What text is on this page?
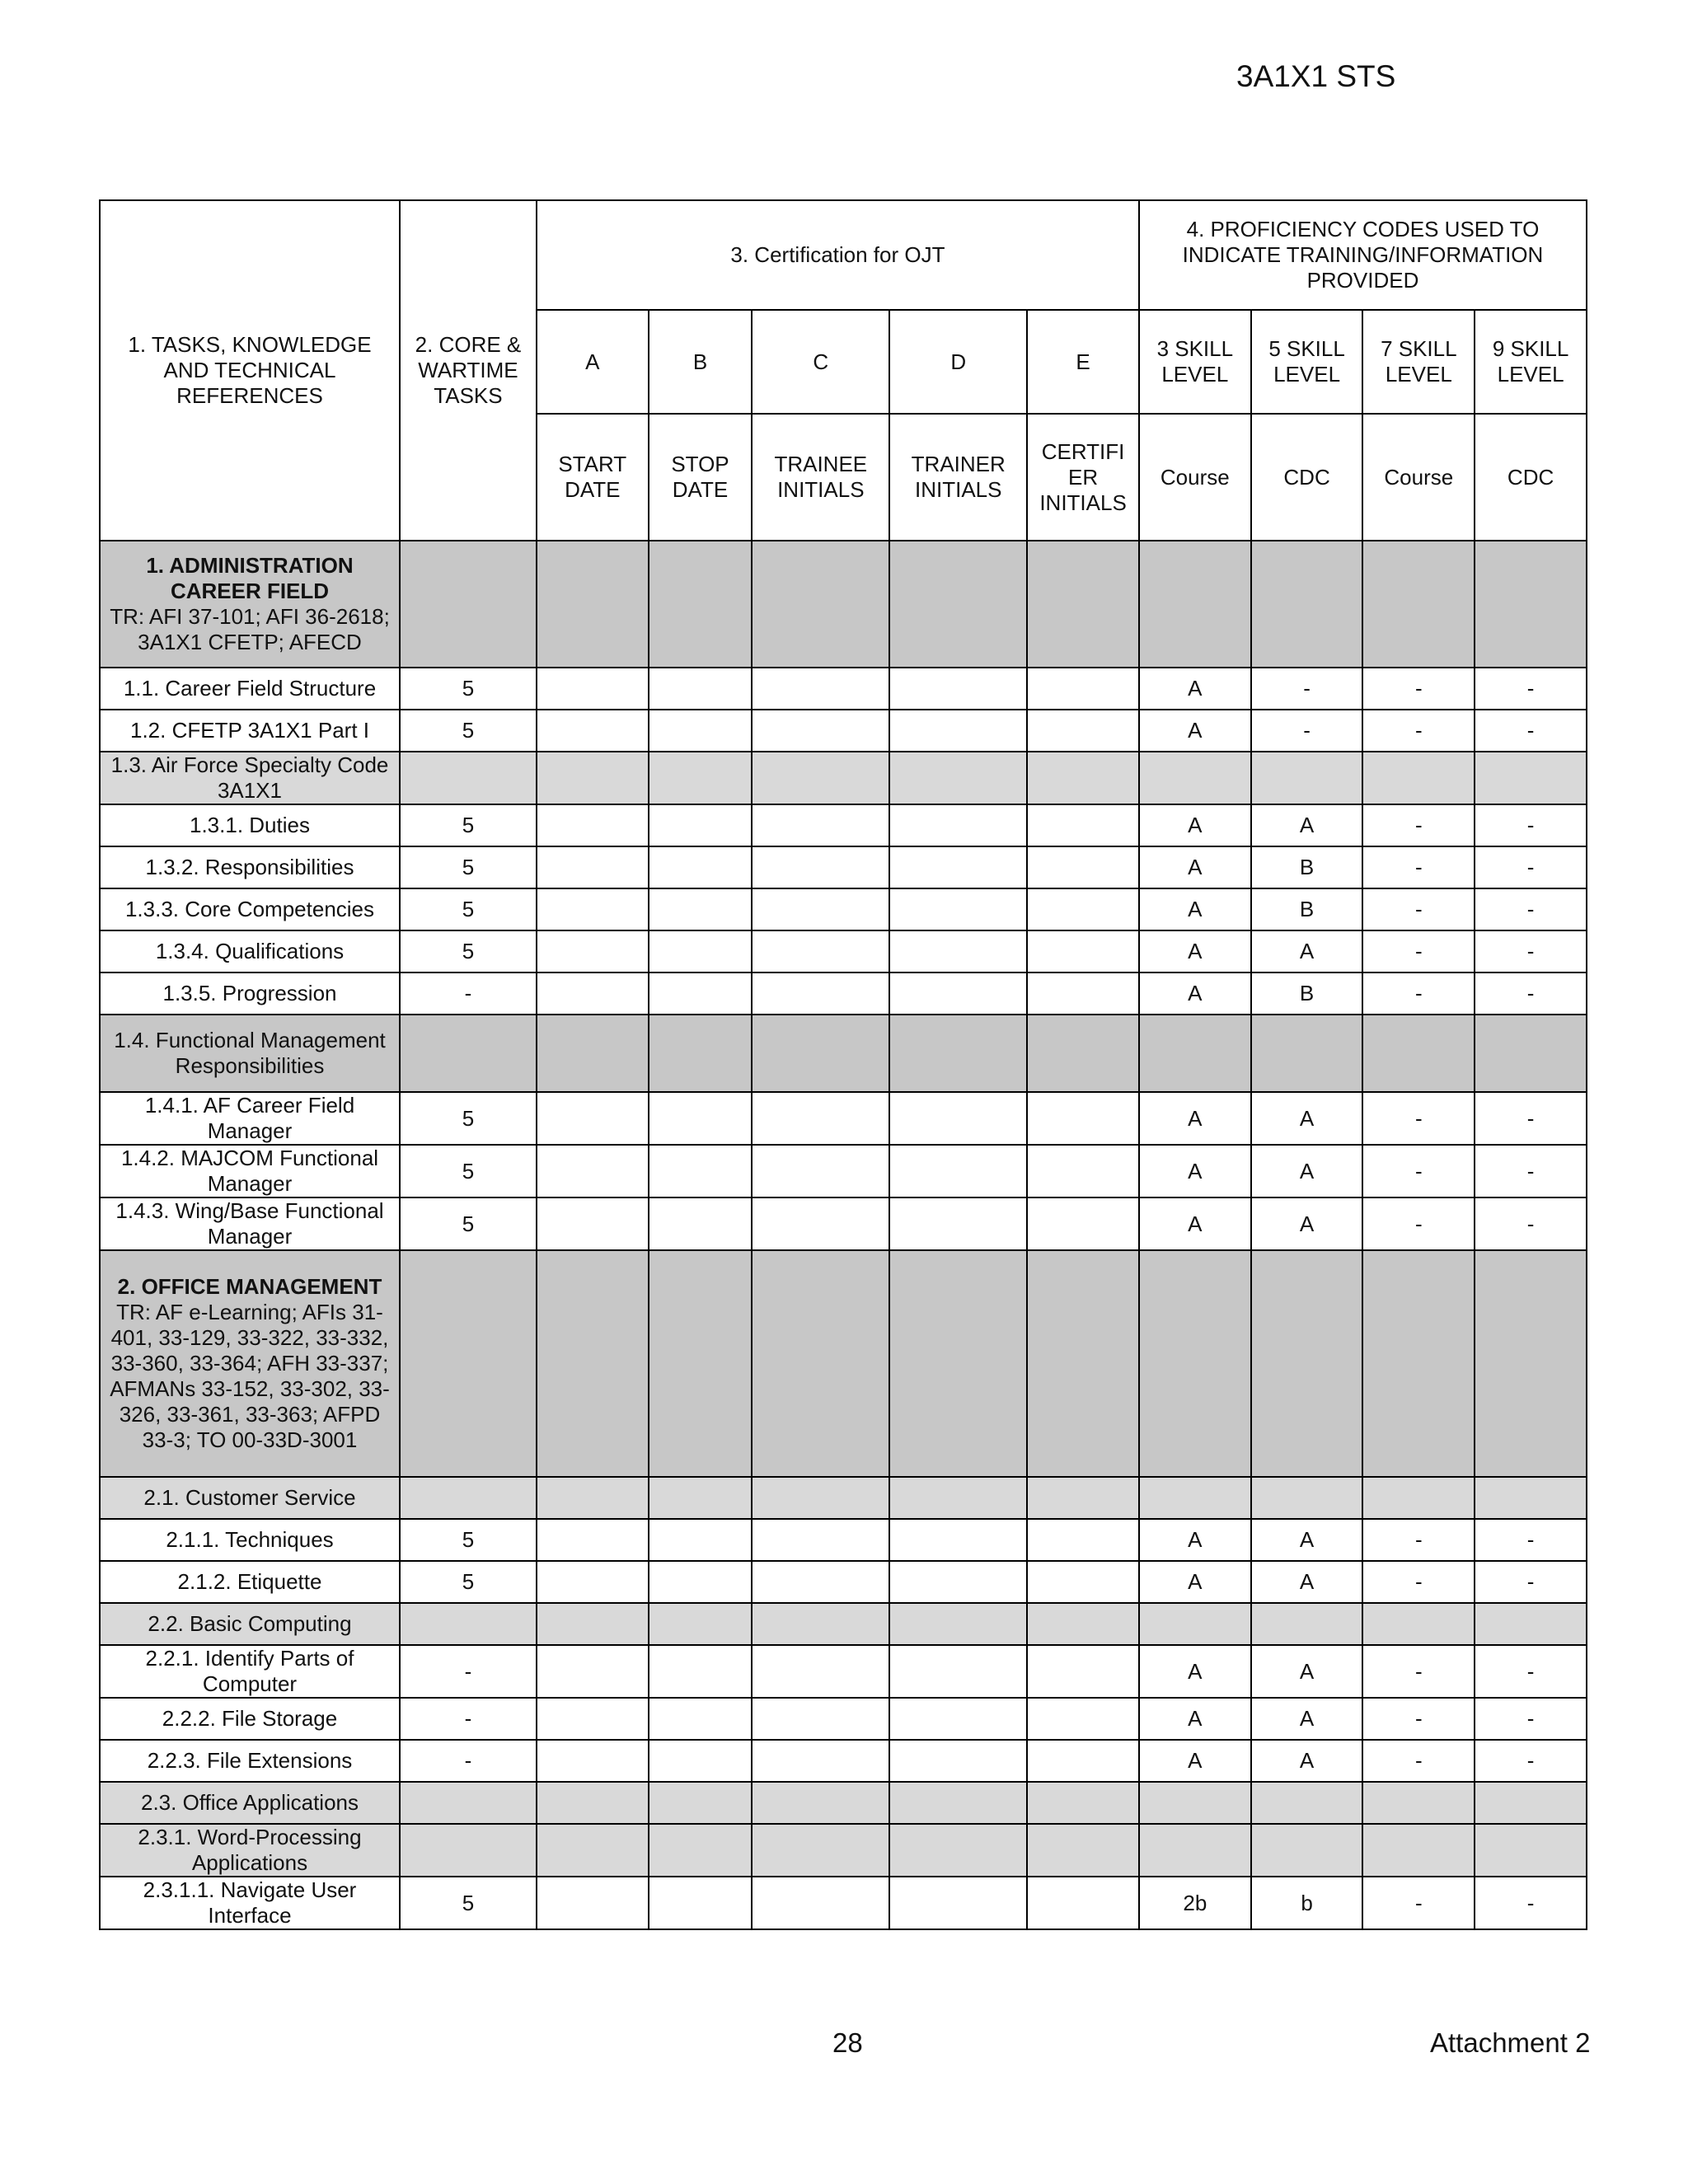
3A1X1 STS
1. TASKS, KNOWLEDGE AND TECHNICAL REFERENCES	2. CORE & WARTIME TASKS	3. Certification for OJT					4. PROFICIENCY CODES USED TO INDICATE TRAINING/INFORMATION PROVIDED			
		A	B	C	D	E	3 SKILL LEVEL	5 SKILL LEVEL	7 SKILL LEVEL	9 SKILL LEVEL
		START DATE	STOP DATE	TRAINEE INITIALS	TRAINER INITIALS	CERTIFI ER INITIALS	Course	CDC	Course	CDC
1. ADMINISTRATION CAREER FIELD
TR: AFI 37-101; AFI 36-2618; 3A1X1 CFETP; AFECD										
1.1. Career Field Structure	5						A	-	-	-
1.2. CFETP 3A1X1 Part I	5						A	-	-	-
1.3. Air Force Specialty Code 3A1X1										
1.3.1. Duties	5						A	A	-	-
1.3.2. Responsibilities	5						A	B	-	-
1.3.3. Core Competencies	5						A	B	-	-
1.3.4. Qualifications	5						A	A	-	-
1.3.5. Progression	-						A	B	-	-
1.4. Functional Management Responsibilities										
1.4.1. AF Career Field Manager	5						A	A	-	-
1.4.2. MAJCOM Functional Manager	5						A	A	-	-
1.4.3. Wing/Base Functional Manager	5						A	A	-	-
2. OFFICE MANAGEMENT
TR: AF e-Learning; AFIs 31-401, 33-129, 33-322, 33-332, 33-360, 33-364; AFH 33-337; AFMANs 33-152, 33-302, 33-326, 33-361, 33-363; AFPD 33-3; TO 00-33D-3001										
2.1. Customer Service										
2.1.1. Techniques	5						A	A	-	-
2.1.2. Etiquette	5						A	A	-	-
2.2. Basic Computing										
2.2.1. Identify Parts of Computer	-						A	A	-	-
2.2.2. File Storage	-						A	A	-	-
2.2.3. File Extensions	-						A	A	-	-
2.3. Office Applications										
2.3.1. Word-Processing Applications										
2.3.1.1. Navigate User Interface	5						2b	b	-	-
28	Attachment 2
